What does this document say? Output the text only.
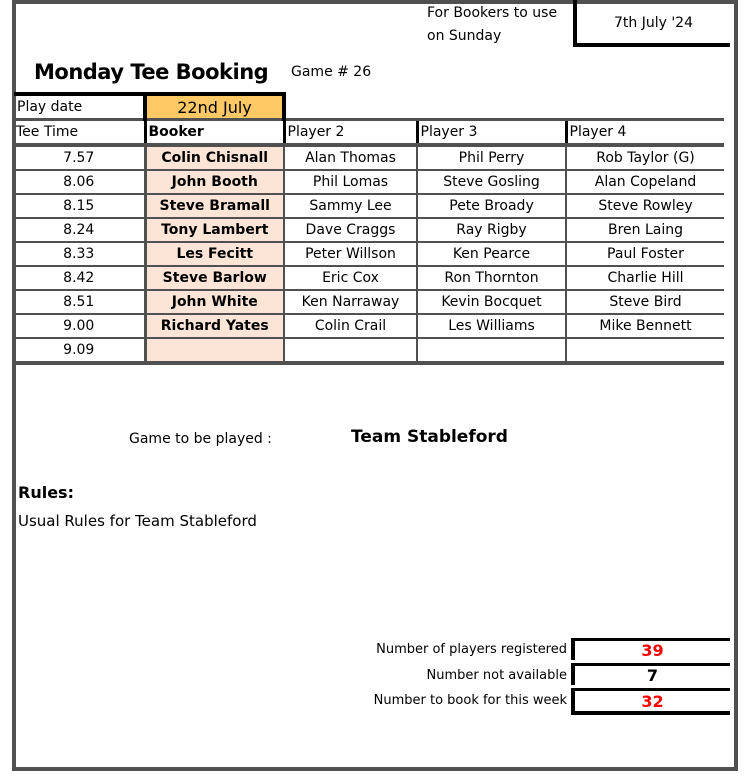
For Bookers to use
on Sunday
7th July '24
Monday Tee Booking Game # 26
Play date	22nd July			
Tee Time	Booker	Player 2	Player 3	Player 4
7.57	Colin Chisnall	Alan Thomas	Phil Perry	Rob Taylor (G)
8.06	John Booth	Phil Lomas	Steve Gosling	Alan Copeland
8.15	Steve Bramall	Sammy Lee	Pete Broady	Steve Rowley
8.24	Tony Lambert	Dave Craggs	Ray Rigby	Bren Laing
8.33	Les Fecitt	Peter Willson	Ken Pearce	Paul Foster
8.42	Steve Barlow	Eric Cox	Ron Thornton	Charlie Hill
8.51	John White	Ken Narraway	Kevin Bocquet	Steve Bird
9.00	Richard Yates	Colin Crail	Les Williams	Mike Bennett
9.09				
Game to be played :	Team Stableford
Rules:
Usual Rules for Team Stableford
Number of players registered	39
Number not available	7
Number to book for this week	32
